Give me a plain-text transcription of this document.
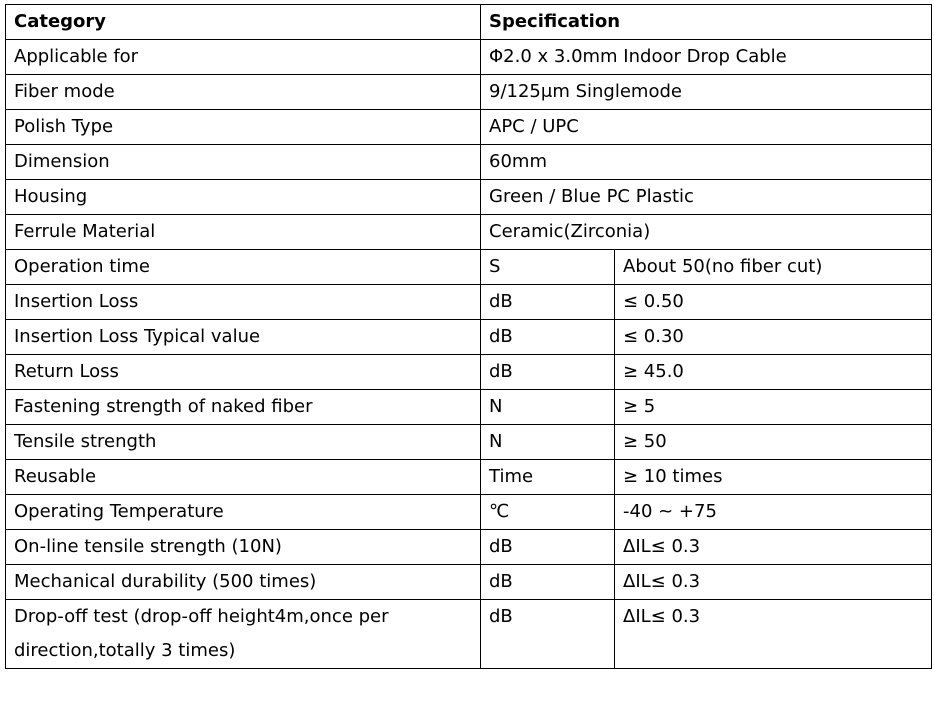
Category	Specification	
Applicable for	Φ2.0 x 3.0mm Indoor Drop Cable	
Fiber mode	9/125μm Singlemode	
Polish Type	APC / UPC	
Dimension	60mm	
Housing	Green / Blue PC Plastic	
Ferrule Material	Ceramic(Zirconia)	
Operation time	S	About 50(no fiber cut)
Insertion Loss	dB	≤ 0.50
Insertion Loss Typical value	dB	≤ 0.30
Return Loss	dB	≥ 45.0
Fastening strength of naked fiber	N	≥ 5
Tensile strength	N	≥ 50
Reusable	Time	≥ 10 times
Operating Temperature	℃	-40 ~ +75
On-line tensile strength (10N)	dB	ΔIL≤ 0.3
Mechanical durability (500 times)	dB	ΔIL≤ 0.3
Drop-off test (drop-off height4m,once per direction,totally 3 times)	dB	ΔIL≤ 0.3
